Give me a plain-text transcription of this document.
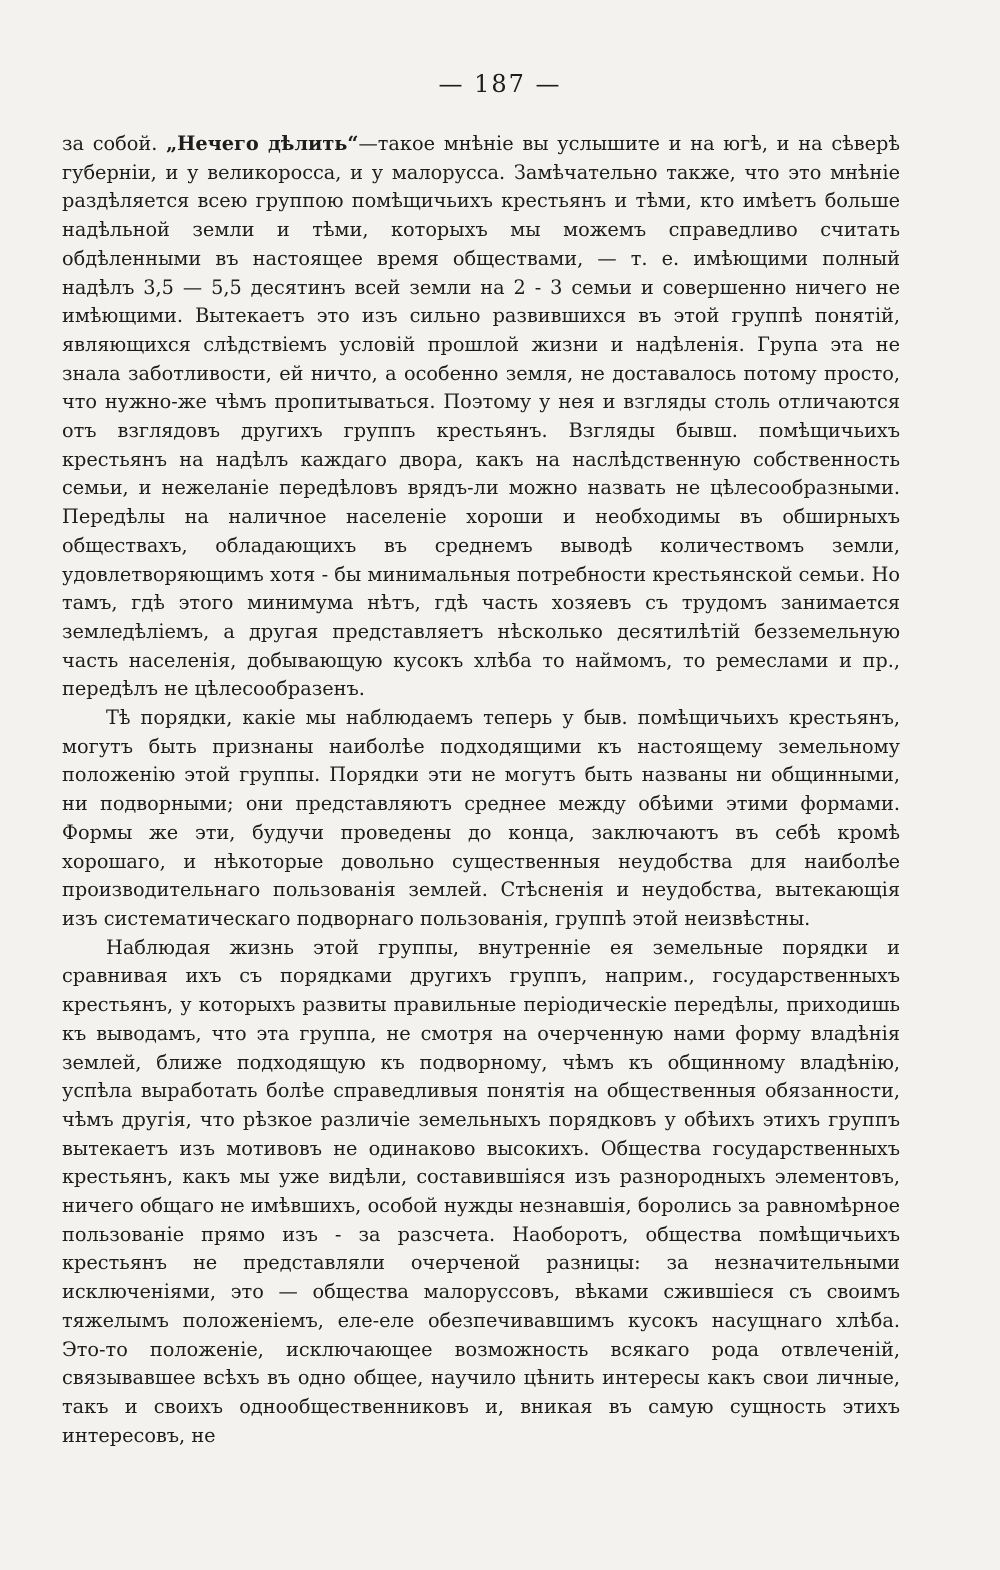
— 187 —

за собой. „Нечего дѣлить“—такое мнѣніе вы услышите и на югѣ, и на сѣверѣ губерніи, и у великоросса, и у малорусса. Замѣчательно также, что это мнѣніе раздѣляется всею группою помѣщичьихъ крестьянъ и тѣми, кто имѣетъ больше надѣльной земли и тѣми, которыхъ мы можемъ справедливо считать обдѣленными въ настоящее время обществами, — т. е. имѣющими полный надѣлъ 3,5 — 5,5 десятинъ всей земли на 2 - 3 семьи и совершенно ничего не имѣющими. Вытекаетъ это изъ сильно развившихся въ этой группѣ понятій, являющихся слѣдствіемъ условій прошлой жизни и надѣленія. Група эта не знала заботливости, ей ничто, а особенно земля, не доставалось потому просто, что нужно-же чѣмъ пропитываться. Поэтому у нея и взгляды столь отличаются отъ взглядовъ другихъ группъ крестьянъ. Взгляды бывш. помѣщичьихъ крестьянъ на надѣлъ каждаго двора, какъ на наслѣдственную собственность семьи, и нежеланіе передѣловъ врядъ-ли можно назвать не цѣлесообразными. Передѣлы на наличное населеніе хороши и необходимы въ обширныхъ обществахъ, обладающихъ въ среднемъ выводѣ количествомъ земли, удовлетворяющимъ хотя - бы минимальныя потребности крестьянской семьи. Но тамъ, гдѣ этого минимума нѣтъ, гдѣ часть хозяевъ съ трудомъ занимается земледѣліемъ, а другая представляетъ нѣсколько десятилѣтій безземельную часть населенія, добывающую кусокъ хлѣба то наймомъ, то ремеслами и пр., передѣлъ не цѣлесообразенъ.

Тѣ порядки, какіе мы наблюдаемъ теперь у быв. помѣщичьихъ крестьянъ, могутъ быть признаны наиболѣе подходящими къ настоящему земельному положенію этой группы. Порядки эти не могутъ быть названы ни общинными, ни подворными; они представляютъ среднее между обѣими этими формами. Формы же эти, будучи проведены до конца, заключаютъ въ себѣ кромѣ хорошаго, и нѣкоторые довольно существенныя неудобства для наиболѣе производительнаго пользованія землей. Стѣсненія и неудобства, вытекающія изъ систематическаго подворнаго пользованія, группѣ этой неизвѣстны.

Наблюдая жизнь этой группы, внутренніе ея земельные порядки и сравнивая ихъ съ порядками другихъ группъ, наприм., государственныхъ крестьянъ, у которыхъ развиты правильные періодическіе передѣлы, приходишь къ выводамъ, что эта группа, не смотря на очерченную нами форму владѣнія землей, ближе подходящую къ подворному, чѣмъ къ общинному владѣнію, успѣла выработать болѣе справедливыя понятія на общественныя обязанности, чѣмъ другія, что рѣзкое различіе земельныхъ порядковъ у обѣихъ этихъ группъ вытекаетъ изъ мотивовъ не одинаково высокихъ. Общества государственныхъ крестьянъ, какъ мы уже видѣли, составившіяся изъ разнородныхъ элементовъ, ничего общаго не имѣвшихъ, особой нужды незнавшія, боролись за равномѣрное пользованіе прямо изъ - за разсчета. Наоборотъ, общества помѣщичьихъ крестьянъ не представляли очерченой разницы: за незначительными исключеніями, это — общества малоруссовъ, вѣками сжившіеся съ своимъ тяжелымъ положеніемъ, еле-еле обезпечивавшимъ кусокъ насущнаго хлѣба. Это-то положеніе, исключающее возможность всякаго рода отвлеченій, связывавшее всѣхъ въ одно общее, научило цѣнить интересы какъ свои личные, такъ и своихъ однообщественниковъ и, вникая въ самую сущность этихъ интересовъ, не
